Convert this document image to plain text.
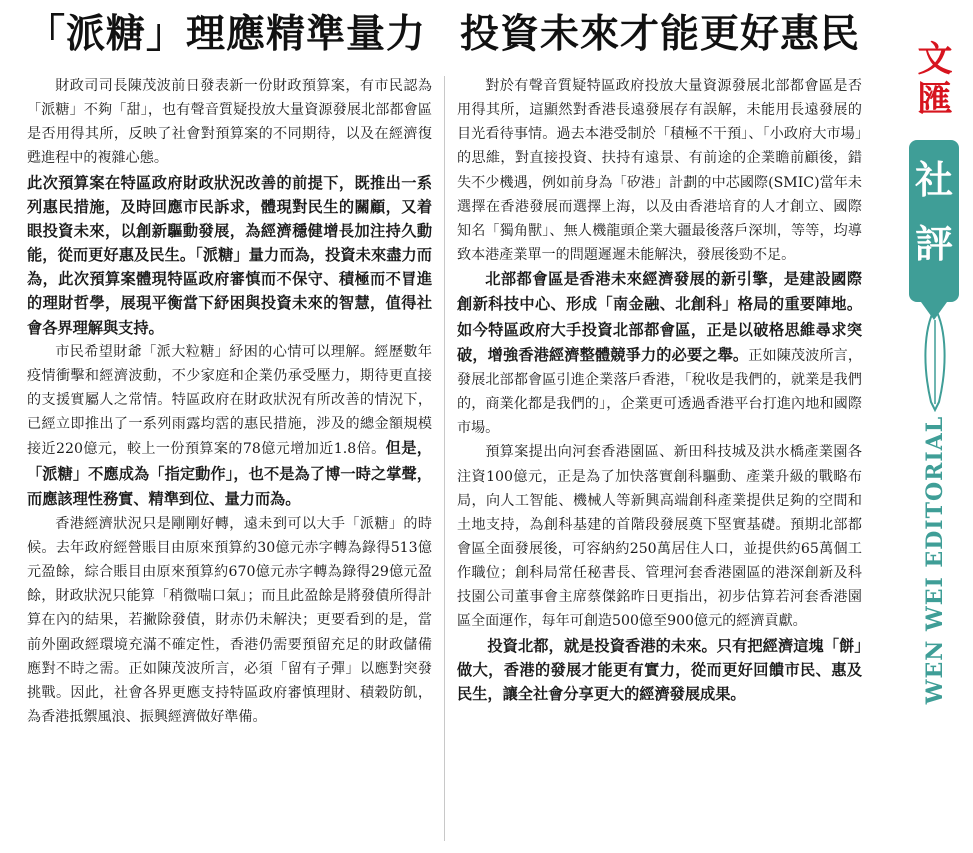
「派糖」理應精準量力 投資未來才能更好惠民

財政司司長陳茂波前日發表新一份財政預算案，有市民認為「派糖」不夠「甜」，也有聲音質疑投放大量資源發展北部都會區是否用得其所，反映了社會對預算案的不同期待，以及在經濟復甦進程中的複雜心態。

此次預算案在特區政府財政狀況改善的前提下，既推出一系列惠民措施，及時回應市民訴求，體現對民生的關顧，又着眼投資未來，以創新驅動發展，為經濟穩健增長加注持久動能，從而更好惠及民生。「派糖」量力而為，投資未來盡力而為，此次預算案體現特區政府審慎而不保守、積極而不冒進的理財哲學，展現平衡當下紓困與投資未來的智慧，值得社會各界理解與支持。

市民希望財爺「派大粒糖」紓困的心情可以理解。經歷數年疫情衝擊和經濟波動，不少家庭和企業仍承受壓力，期待更直接的支援實屬人之常情。特區政府在財政狀況有所改善的情況下，已經立即推出了一系列雨露均霑的惠民措施，涉及的總金額規模接近220億元，較上一份預算案的78億元增加近1.8倍。但是，「派糖」不應成為「指定動作」，也不是為了博一時之掌聲，而應該理性務實、精準到位、量力而為。

香港經濟狀況只是剛剛好轉，遠未到可以大手「派糖」的時候。去年政府經營賬目由原來預算約30億元赤字轉為錄得513億元盈餘，綜合賬目由原來預算約670億元赤字轉為錄得29億元盈餘，財政狀況只能算「稍微喘口氣」；而且此盈餘是將發債所得計算在內的結果，若撇除發債，財赤仍未解決；更要看到的是，當前外圍政經環境充滿不確定性，香港仍需要預留充足的財政儲備應對不時之需。正如陳茂波所言，必須「留有子彈」以應對突發挑戰。因此，社會各界更應支持特區政府審慎理財、積穀防飢，為香港抵禦風浪、振興經濟做好準備。

對於有聲音質疑特區政府投放大量資源發展北部都會區是否用得其所，這顯然對香港長遠發展存有誤解，未能用長遠發展的目光看待事情。過去本港受制於「積極不干預」、「小政府大市場」的思維，對直接投資、扶持有遠景、有前途的企業瞻前顧後，錯失不少機遇，例如前身為「矽港」計劃的中芯國際(SMIC)當年未選擇在香港發展而選擇上海，以及由香港培育的人才創立、國際知名「獨角獸」、無人機龍頭企業大疆最後落戶深圳，等等，均導致本港產業單一的問題遲遲未能解決，發展後勁不足。

北部都會區是香港未來經濟發展的新引擎，是建設國際創新科技中心、形成「南金融、北創科」格局的重要陣地。如今特區政府大手投資北部都會區，正是以破格思維尋求突破，增強香港經濟整體競爭力的必要之舉。正如陳茂波所言，發展北部都會區引進企業落戶香港，「稅收是我們的，就業是我們的，商業化都是我們的」，企業更可透過香港平台打進內地和國際市場。

預算案提出向河套香港園區、新田科技城及洪水橋產業園各注資100億元，正是為了加快落實創科驅動、產業升級的戰略布局，向人工智能、機械人等新興高端創科產業提供足夠的空間和土地支持，為創科基建的首階段發展奠下堅實基礎。預期北部都會區全面發展後，可容納約250萬居住人口，並提供約65萬個工作職位；創科局常任秘書長、管理河套香港園區的港深創新及科技園公司董事會主席蔡傑銘昨日更指出，初步估算若河套香港園區全面運作，每年可創造500億至900億元的經濟貢獻。

投資北都，就是投資香港的未來。只有把經濟這塊「餅」做大，香港的發展才能更有實力，從而更好回饋市民、惠及民生，讓全社會分享更大的經濟發展成果。

文
匯
社
評
WEN WEI EDITORIAL
